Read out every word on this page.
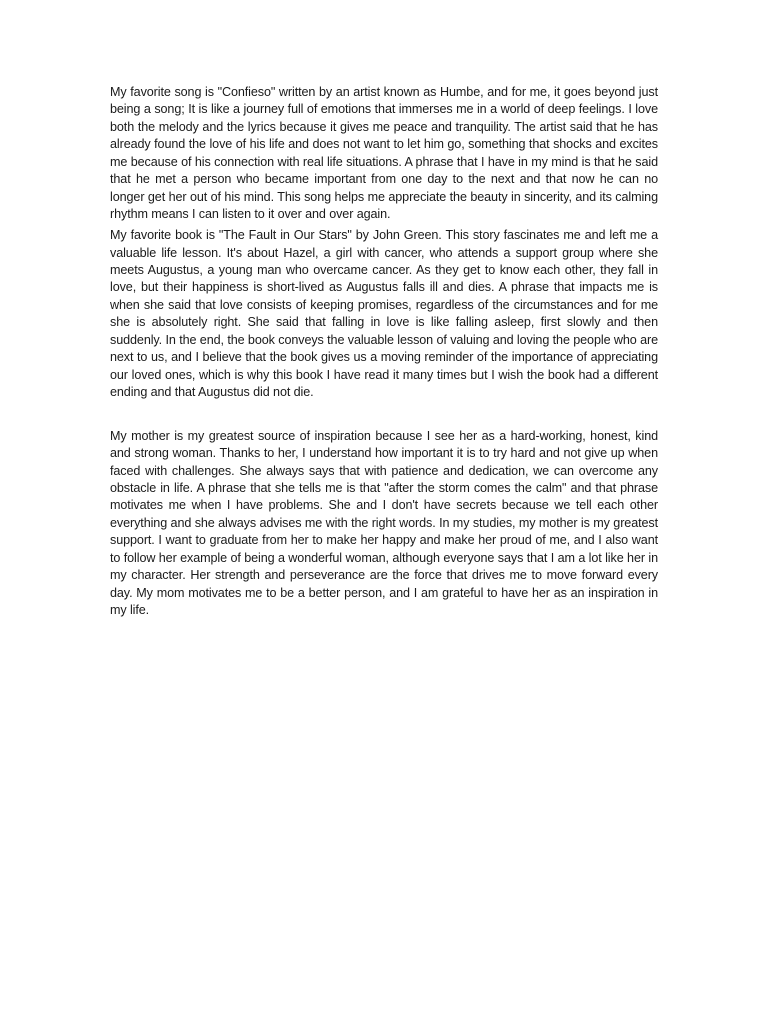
My favorite song is "Confieso" written by an artist known as Humbe, and for me, it goes beyond just being a song; It is like a journey full of emotions that immerses me in a world of deep feelings. I love both the melody and the lyrics because it gives me peace and tranquility. The artist said that he has already found the love of his life and does not want to let him go, something that shocks and excites me because of his connection with real life situations. A phrase that I have in my mind is that he said that he met a person who became important from one day to the next and that now he can no longer get her out of his mind. This song helps me appreciate the beauty in sincerity, and its calming rhythm means I can listen to it over and over again.

My favorite book is "The Fault in Our Stars" by John Green. This story fascinates me and left me a valuable life lesson. It's about Hazel, a girl with cancer, who attends a support group where she meets Augustus, a young man who overcame cancer. As they get to know each other, they fall in love, but their happiness is short-lived as Augustus falls ill and dies. A phrase that impacts me is when she said that love consists of keeping promises, regardless of the circumstances and for me she is absolutely right. She said that falling in love is like falling asleep, first slowly and then suddenly. In the end, the book conveys the valuable lesson of valuing and loving the people who are next to us, and I believe that the book gives us a moving reminder of the importance of appreciating our loved ones, which is why this book I have read it many times but I wish the book had a different ending and that Augustus did not die.

My mother is my greatest source of inspiration because I see her as a hard-working, honest, kind and strong woman. Thanks to her, I understand how important it is to try hard and not give up when faced with challenges. She always says that with patience and dedication, we can overcome any obstacle in life. A phrase that she tells me is that "after the storm comes the calm" and that phrase motivates me when I have problems. She and I don't have secrets because we tell each other everything and she always advises me with the right words. In my studies, my mother is my greatest support. I want to graduate from her to make her happy and make her proud of me, and I also want to follow her example of being a wonderful woman, although everyone says that I am a lot like her in my character. Her strength and perseverance are the force that drives me to move forward every day. My mom motivates me to be a better person, and I am grateful to have her as an inspiration in my life.
